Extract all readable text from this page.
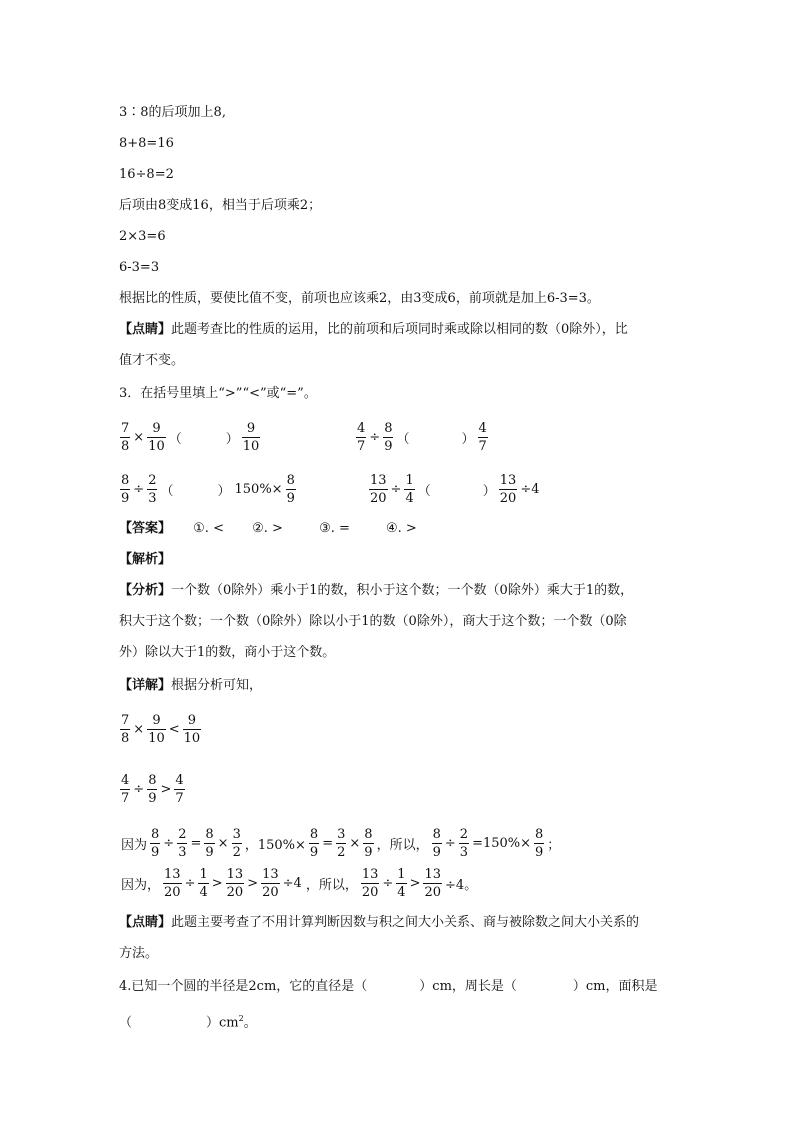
3∶8的后项加上8,
8+8=16
16÷8=2
后项由8变成16，相当于后项乘2；
2×3=6
6-3=3
根据比的性质，要使比值不变，前项也应该乘2，由3变成6，前项就是加上6-3=3。
【点睛】此题考查比的性质的运用，比的前项和后项同时乘或除以相同的数（0除外），比
值才不变。
3．在括号里填上“>”“<”或“=”。
$\frac{7}{8} \times \frac{9}{10}$ （	） $\frac{9}{10}$	$\frac{4}{7} \div \frac{8}{9}$ （	） $\frac{4}{7}$
$\frac{8}{9} \div \frac{2}{3}$ （	） $150\%\times \frac{8}{9}$	$\frac{13}{20} \div \frac{1}{4}$ （	） $\frac{13}{20} \div 4$
【答案】 ①. < ②. >	③. =	④. >
【解析】
【分析】一个数（0除外）乘小于1的数，积小于这个数；一个数（0除外）乘大于1的数，
积大于这个数；一个数（0除外）除以小于1的数（0除外），商大于这个数；一个数（0除
外）除以大于1的数，商小于这个数。
【详解】根据分析可知，
$\frac{7}{8} \times \frac{9}{10} < \frac{9}{10}$
$\frac{4}{7} \div \frac{8}{9} > \frac{4}{7}$
因为 $\frac{8}{9} \div \frac{2}{3} = \frac{8}{9} \times \frac{3}{2}$ ，$150\%\times \frac{8}{9} = \frac{3}{2} \times \frac{8}{9}$ ，所以， $\frac{8}{9} \div \frac{2}{3} =150\%\times \frac{8}{9}$ ；
因为， $\frac{13}{20} \div \frac{1}{4} > \frac{13}{20} > \frac{13}{20} \div 4$ ，所以， $\frac{13}{20} \div \frac{1}{4} > \frac{13}{20} \div 4$。
【点睛】此题主要考查了不用计算判断因数与积之间大小关系、商与被除数之间大小关系的
方法。
4.已知一个圆的半径是2cm，它的直径是（	）cm，周长是（	）cm，面积是
（	）$cm^2$。
